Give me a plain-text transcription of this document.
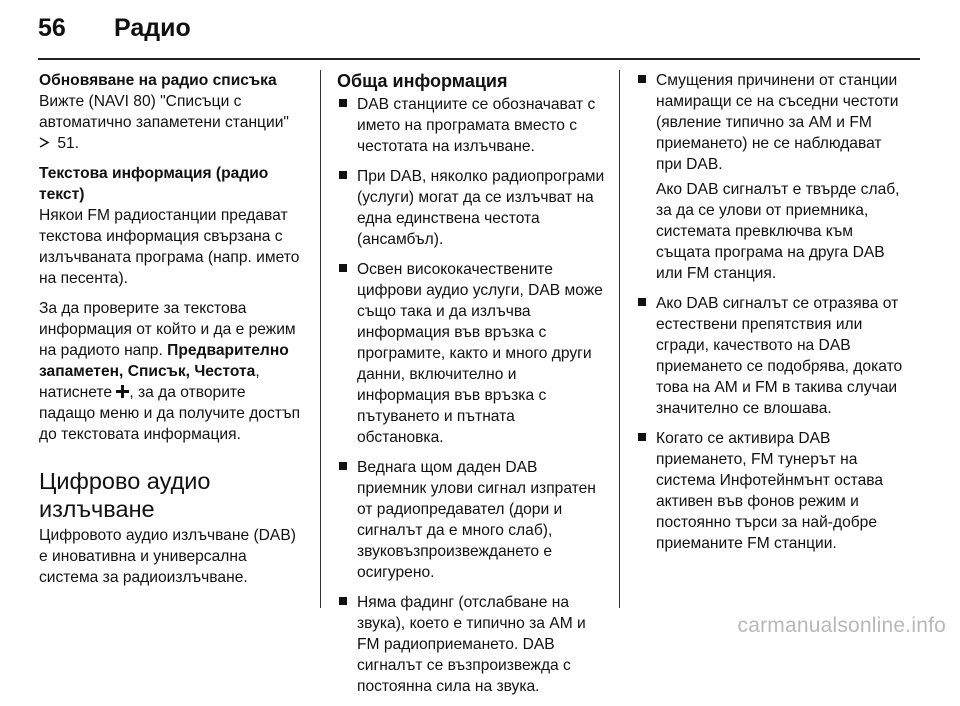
56	Радио

Обновяване на радио списъка

Вижте (NAVI 80) "Списъци с автоматично запаметени станции"
51.

Текстова информация (радио текст)

Някои FM радиостанции предават текстова информация свързана с излъчваната програма (напр. името на песента).

За да проверите за текстова информация от който и да е режим на радиото напр. Предварително запаметен, Списък, Честота, натиснете , за да отворите падащо меню и да получите достъп до текстовата информация.

Цифрово аудио излъчване

Цифровото аудио излъчване (DAB) е иновативна и универсална система за радиоизлъчване.

Обща информация

DAB станциите се обозначават с името на програмата вместо с честотата на излъчване.
При DAB, няколко радиопрограми (услуги) могат да се излъчват на една единствена честота (ансамбъл).
Освен висококачествените цифрови аудио услуги, DAB може също така и да излъчва информация във връзка с програмите, както и много други данни, включително и информация във връзка с пътуването и пътната обстановка.
Веднага щом даден DAB приемник улови сигнал изпратен от радиопредавател (дори и сигналът да е много слаб), звуковъзпроизвеждането е осигурено.
Няма фадинг (отслабване на звука), което е типично за AM и FM радиоприемането. DAB сигналът се възпроизвежда с постоянна сила на звука.
Смущения причинени от станции намиращи се на съседни честоти (явление типично за AM и FM приемането) не се наблюдават при DAB.
Ако DAB сигналът е твърде слаб, за да се улови от приемника, системата превключва към същата програма на друга DAB или FM станция.
Ако DAB сигналът се отразява от естествени препятствия или сгради, качеството на DAB приемането се подобрява, докато това на AM и FM в такива случаи значително се влошава.
Когато се активира DAB приемането, FM тунерът на система Инфотейнмънт остава активен във фонов режим и постоянно търси за най-добре приеманите FM станции.
carmanualsonline.info
